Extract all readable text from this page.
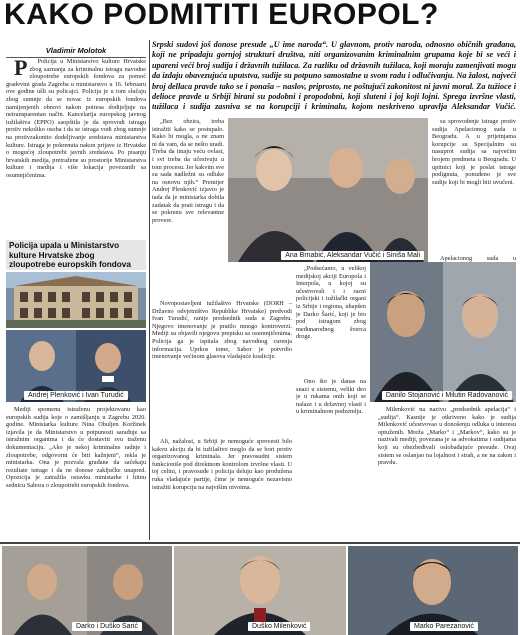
KAKO PODMITITI EUROPOL?
Vladimir Molotok
Srpski sudovi još donose presude „U ime naroda“. U glavnom, protiv naroda, odnosno običnih građana, koji ne pripadaju gornjoj strukturi društva, niti organizovanim kriminalnim grupama koje bi se veći i upareni veći broj sudija i državnih tužilaca. Za razliku od državnih tužilaca, koji moraju zamenjivati mogu da izdaju obavezujuća uputstva, sudije su potpuno samostalne u svom radu i odlučivanju. Na žalost, najveći broj dellaca pravde tako se i ponaša – naslov, priprosto, ne poštujući zakonitost ni javni moral. Za tužioce i delioce pravde u Srbiji birani su podobni i propodobni, koji sluteni i joj koji lojni. Sprega izvršne vlasti, tužilaca i sudija zasniva se na korupciji i kriminalu, kojom neskriveno upravlja Aleksandar Vučić.

P Policija u Ministarstvo kulture Hrvatske zbog saznanja za kriminalnu istragu navodne zloupotrebe europskih fondova za pomoć gradevini grada Zagreba u ministarstvo u 16. februaru ove godine ušli su policajci. Policija je u tom slučaju zbog sumnje da se novac iz europskih fondova namijenjenih obnovi nakon potresa dodijeljuje na netransparentan način. Kancelarija europskog javnog tužilaštva (EPPO) saopštila je da sprovodi istragu protiv nekoliko osoba i da se istraga vodi zbog sumnje na protivzakonito dodeljivanje sredstava ministarstva kulture. Istraga je pokrenuta nakon prijave iz Hrvatske o mogućoj zloupotrebi javnih sredstava. Po pisanju hrvatskih medija, pretražene su prostorije Ministarstva kulture i medija i više lokacija povezanih sa osumnjičenima.

Policija upala u Ministarstvo kulture Hrvatske zbog zloupotrebe europskih fondova
Andrej Plenković i Ivan Turudić

Mediji spomenu istraženu projektovanu kao europskih sudija koje o zamišljanju u Zagrebu 2020. godine. Ministarka kulture Nina Obuljen Koržinek izjavila je da Ministarstvo u potpunosti sarađuje sa istražnim organima i da će dostaviti svu traženu dokumentaciju. „Ako je nekoj kriminalne radnje i zloupotrebe, odgovorni će biti kažnjeni“, rekla je ministarka. Ona je pozvala građane da sačekaju rezultate istrage i da ne donose zaključke unapred. Opozicija je zatražila ostavku ministarke i hitnu sednicu Sabora o zloupotrebi europskih fondova.

„Bez obzira, treba istražiti kako se postupalo. Kako bi mogla, a ne znam ni da vam, da se nešto uradi. Treba da imaju veću ovlast, i svi treba da učestvuju u tom procesu. Jer kakvim sve su sada nadležni su odluke na osnovu njih.“ Premijer Andrej Plenković izjavio je tada da je ministarka dobila zadatak da prati istragu i da se pokrenu sve relevantne provere.

Ana Brnabić, Aleksandar Vučić i Siniša Mali

Novopostavljeni tužilaštvo Hrvatske (DORH – Državno odvjetništvo Republike Hrvatske) predvodi Ivan Turudić, ranije predsednik suda u Zagrebu. Njegovo imenovanje je pratilo mnogo kontroverzi. Mediji su objavili njegovu prepisku sa osumnjičenima. Policija ga je ispitala zbog navodnog curenja informacija. Uprkos tome, Sabor je potvrdio imenovanje većinom glasova vladajuće koalicije.

„Podsećamo, u velikoj medijskoj akciji Europola i Interpola, u kojoj su učestvovali i i razni policijski i tužilački organi iz Srbije i regiona, uhapšen je Darko Šarić, koji je bio pod istragom zbog međunarodnog šverca droge.

Ono što je danas na snazi u sistemu, veliki deo je u rukama onih koji se nalaze i u državnoj vlasti i u kriminalnom podzemlju.

su sprovodenje istrage protiv sudija Apelacionog suda u Beogradu. A u prijetnjama korupcije su Specijalnim su nasuprot sudija sa najvećim brojem predmeta u Beogradu. U upitnici koji je poslat istrage podignuta, ponuđeno je sve sudije koji bi mogli biti uvučeni.

Apelacionog suda u

Danilo Stojanović i Milutin Radovanović

Ali, nažalost, u Srbiji je nemoguće sprovesti bilo kakvu akciju da bi tužilaštvo moglo da se bori protiv organizovanog kriminala. Jer pravosudni sistem funkcioniše pod direktnom kontrolom izvršne vlasti. U toj celini, i pravosuđe i policija deluju kao produžena ruka vladajuće partije, čime je nemoguće nezavisno istražiti korupciju na najvišim nivoima.

Milenković na nazivu „predsednik apelacija“ i „sudija“. Kasnije je otkriveno kako je sudija Milenković učestvovao u donošenju odluka u interesu optuženih. Mreža „Marko“ i „Markov“, kako su je nazivali mediji, povezana je sa advokatima i sudijama koji su obezbeđivali oslobađajuće presude. Ovaj sistem se oslanjao na lojalnost i strah, a ne na zakon i pravdu.

Darko i Duško Šarić	Duško Milenković	Marko Parezanović
